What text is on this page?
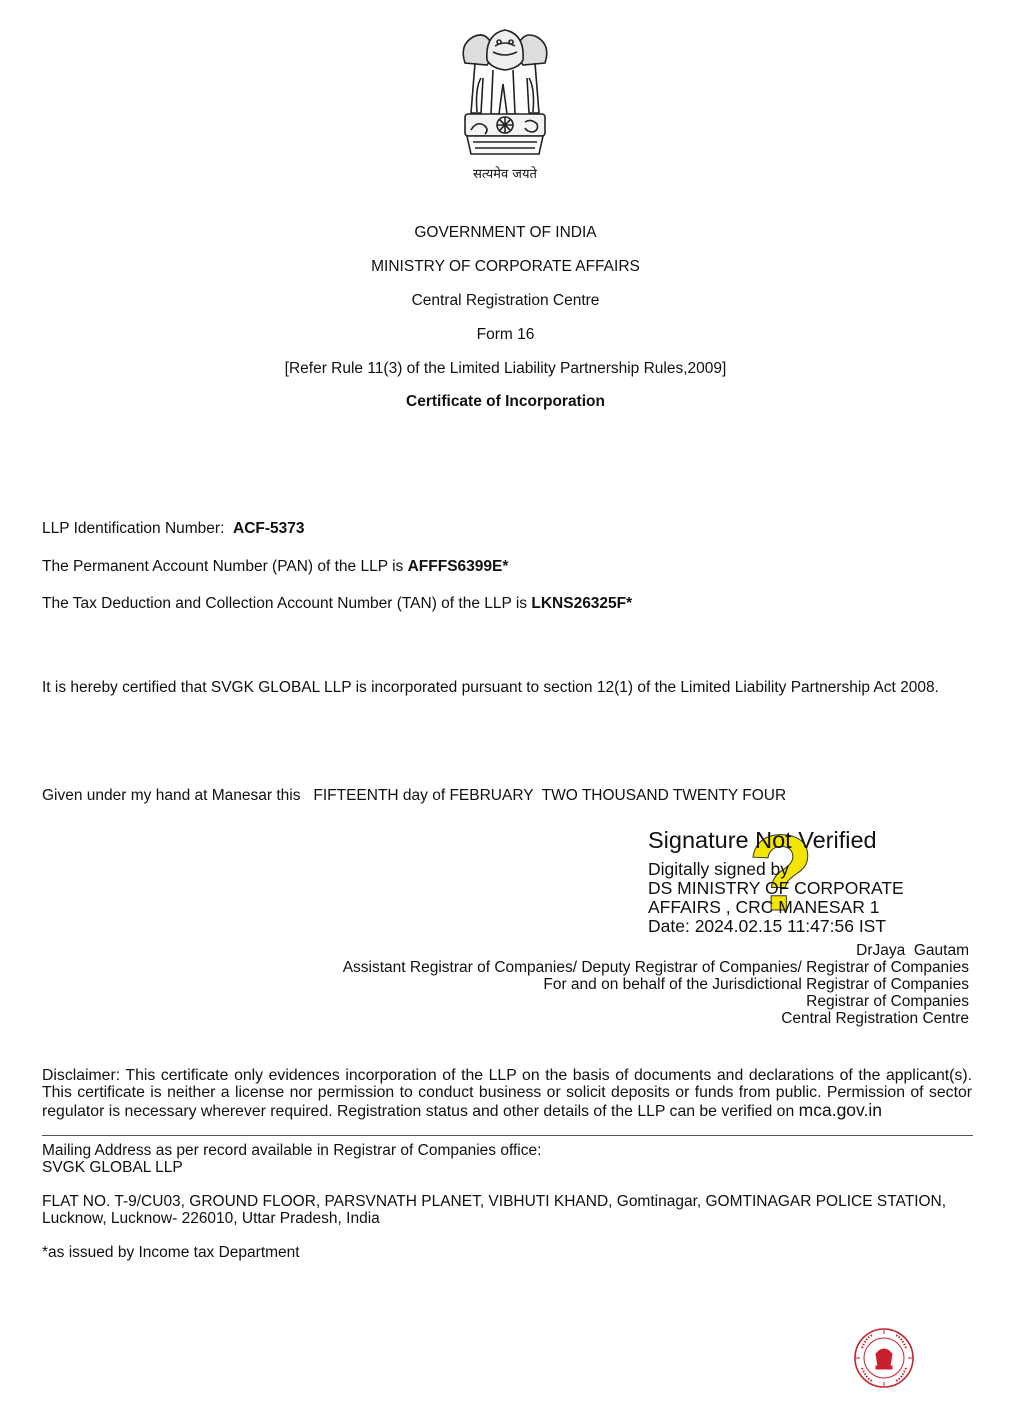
सत्यमेव जयते
GOVERNMENT OF INDIA
MINISTRY OF CORPORATE AFFAIRS
Central Registration Centre
Form 16
[Refer Rule 11(3) of the Limited Liability Partnership Rules,2009]
Certificate of Incorporation
LLP Identification Number: ACF-5373
The Permanent Account Number (PAN) of the LLP is AFFFS6399E*
The Tax Deduction and Collection Account Number (TAN) of the LLP is LKNS26325F*
It is hereby certified that SVGK GLOBAL LLP is incorporated pursuant to section 12(1) of the Limited Liability Partnership Act 2008.
Given under my hand at Manesar this   FIFTEENTH day of FEBRUARY  TWO THOUSAND TWENTY FOUR
?
Signature Not Verified
Digitally signed by
DS MINISTRY OF CORPORATE
AFFAIRS , CRC MANESAR 1
Date: 2024.02.15 11:47:56 IST
DrJaya  Gautam
Assistant Registrar of Companies/ Deputy Registrar of Companies/ Registrar of Companies
For and on behalf of the Jurisdictional Registrar of Companies
Registrar of Companies
Central Registration Centre
Disclaimer: This certificate only evidences incorporation of the LLP on the basis of documents and declarations of the applicant(s). This certificate is neither a license nor permission to conduct business or solicit deposits or funds from public. Permission of sector regulator is necessary wherever required. Registration status and other details of the LLP can be verified on mca.gov.in
Mailing Address as per record available in Registrar of Companies office:
SVGK GLOBAL LLP
FLAT NO. T-9/CU03, GROUND FLOOR, PARSVNATH PLANET, VIBHUTI KHAND, Gomtinagar, GOMTINAGAR POLICE STATION, Lucknow, Lucknow- 226010, Uttar Pradesh, India
*as issued by Income tax Department
